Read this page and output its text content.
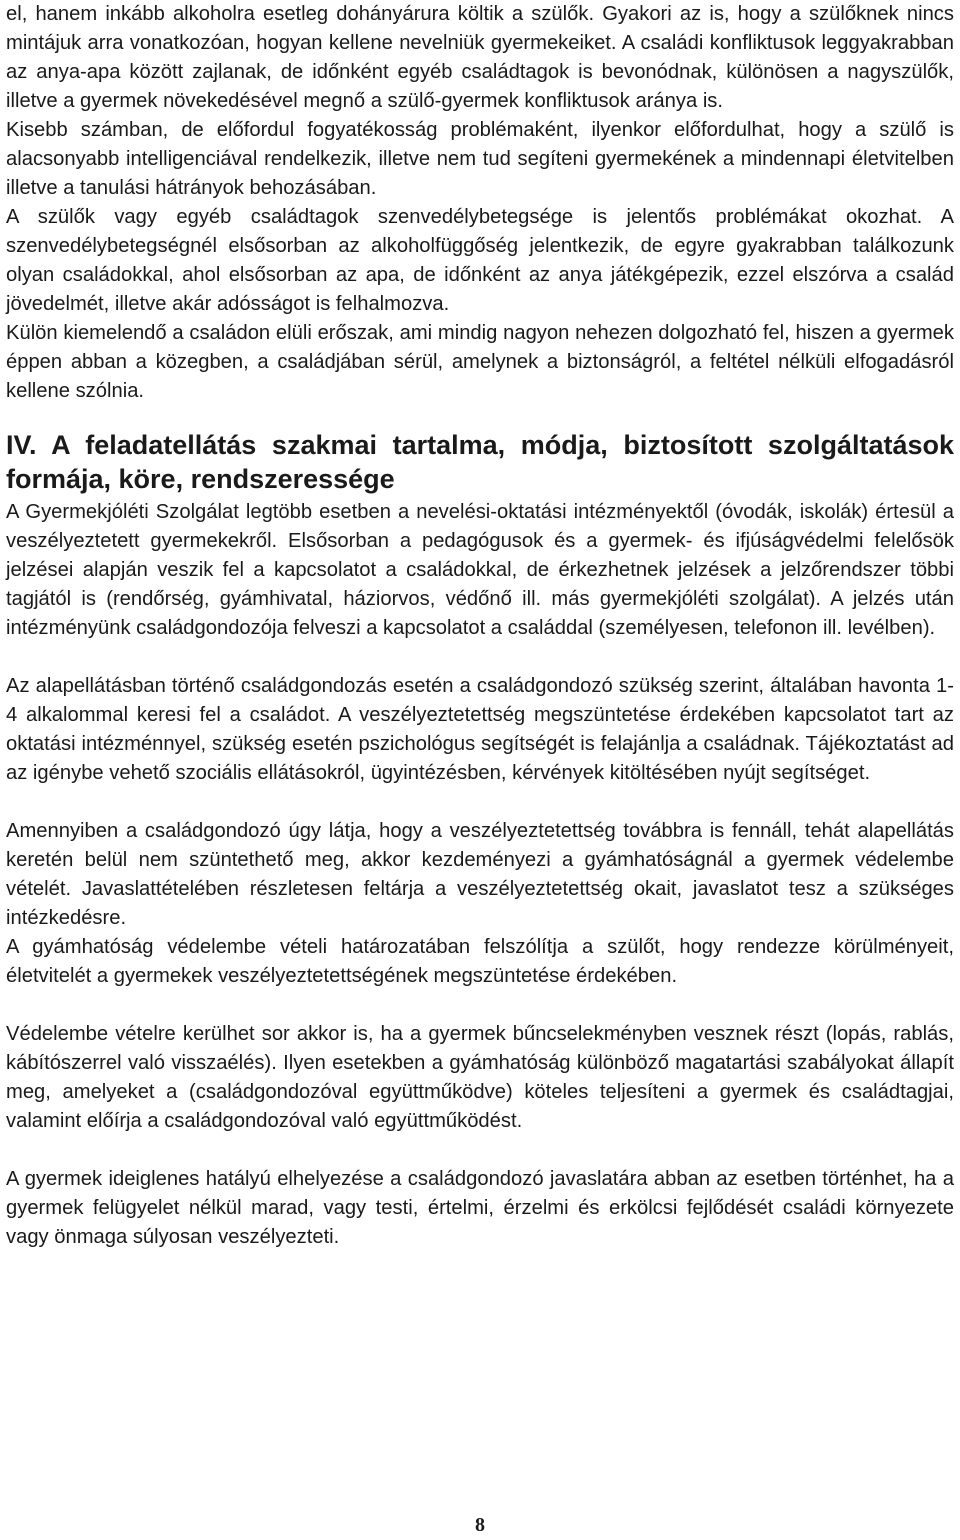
el, hanem inkább alkoholra esetleg dohányárura költik a szülők. Gyakori az is, hogy a szülőknek nincs mintájuk arra vonatkozóan, hogyan kellene nevelniük gyermekeiket. A családi konfliktusok leggyakrabban az anya-apa között zajlanak, de időnként egyéb családtagok is bevonódnak, különösen a nagyszülők, illetve a gyermek növekedésével megnő a szülő-gyermek konfliktusok aránya is.

Kisebb számban, de előfordul fogyatékosság problémaként, ilyenkor előfordulhat, hogy a szülő is alacsonyabb intelligenciával rendelkezik, illetve nem tud segíteni gyermekének a mindennapi életvitelben illetve a tanulási hátrányok behozásában.

A szülők vagy egyéb családtagok szenvedélybetegsége is jelentős problémákat okozhat. A szenvedélybetegségnél elsősorban az alkoholfüggőség jelentkezik, de egyre gyakrabban találkozunk olyan családokkal, ahol elsősorban az apa, de időnként az anya játékgépezik, ezzel elszórva a család jövedelmét, illetve akár adósságot is felhalmozva.

Külön kiemelendő a családon elüli erőszak, ami mindig nagyon nehezen dolgozható fel, hiszen a gyermek éppen abban a közegben, a családjában sérül, amelynek a biztonságról, a feltétel nélküli elfogadásról kellene szólnia.

IV. A feladatellátás szakmai tartalma, módja, biztosított szolgáltatások formája, köre, rendszeressége

A Gyermekjóléti Szolgálat legtöbb esetben a nevelési-oktatási intézményektől (óvodák, iskolák) értesül a veszélyeztetett gyermekekről. Elsősorban a pedagógusok és a gyermek- és ifjúságvédelmi felelősök jelzései alapján veszik fel a kapcsolatot a családokkal, de érkezhetnek jelzések a jelzőrendszer többi tagjától is (rendőrség, gyámhivatal, háziorvos, védőnő ill. más gyermekjóléti szolgálat). A jelzés után intézményünk családgondozója felveszi a kapcsolatot a családdal (személyesen, telefonon ill. levélben).

Az alapellátásban történő családgondozás esetén a családgondozó szükség szerint, általában havonta 1-4 alkalommal keresi fel a családot. A veszélyeztetettség megszüntetése érdekében kapcsolatot tart az oktatási intézménnyel, szükség esetén pszichológus segítségét is felajánlja a családnak. Tájékoztatást ad az igénybe vehető szociális ellátásokról, ügyintézésben, kérvények kitöltésében nyújt segítséget.

Amennyiben a családgondozó úgy látja, hogy a veszélyeztetettség továbbra is fennáll, tehát alapellátás keretén belül nem szüntethető meg, akkor kezdeményezi a gyámhatóságnál a gyermek védelembe vételét. Javaslattételében részletesen feltárja a veszélyeztetettség okait, javaslatot tesz a szükséges intézkedésre.

A gyámhatóság védelembe vételi határozatában felszólítja a szülőt, hogy rendezze körülményeit, életvitelét a gyermekek veszélyeztetettségének megszüntetése érdekében.

Védelembe vételre kerülhet sor akkor is, ha a gyermek bűncselekményben vesznek részt (lopás, rablás, kábítószerrel való visszaélés). Ilyen esetekben a gyámhatóság különböző magatartási szabályokat állapít meg, amelyeket a (családgondozóval együttműködve) köteles teljesíteni a gyermek és családtagjai, valamint előírja a családgondozóval való együttműködést.

A gyermek ideiglenes hatályú elhelyezése a családgondozó javaslatára abban az esetben történhet, ha a gyermek felügyelet nélkül marad, vagy testi, értelmi, érzelmi és erkölcsi fejlődését családi környezete vagy önmaga súlyosan veszélyezteti.

8
